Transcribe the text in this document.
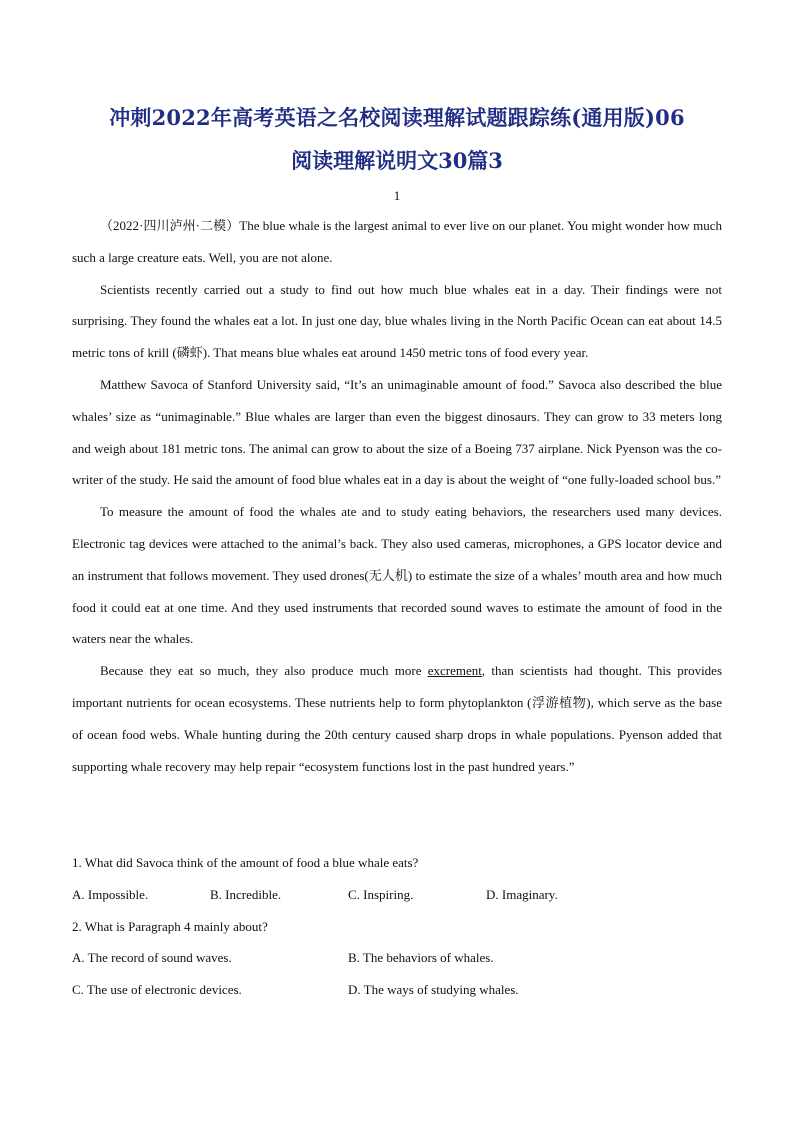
冲刺2022年高考英语之名校阅读理解试题跟踪练(通用版)06
阅读理解说明文30篇3
1

（2022·四川泸州·二模）The blue whale is the largest animal to ever live on our planet. You might wonder how much such a large creature eats. Well, you are not alone.

Scientists recently carried out a study to find out how much blue whales eat in a day. Their findings were not surprising. They found the whales eat a lot. In just one day, blue whales living in the North Pacific Ocean can eat about 14.5 metric tons of krill (磷虾). That means blue whales eat around 1450 metric tons of food every year.

Matthew Savoca of Stanford University said, “It’s an unimaginable amount of food.” Savoca also described the blue whales’ size as “unimaginable.” Blue whales are larger than even the biggest dinosaurs. They can grow to 33 meters long and weigh about 181 metric tons. The animal can grow to about the size of a Boeing 737 airplane. Nick Pyenson was the co-writer of the study. He said the amount of food blue whales eat in a day is about the weight of “one fully-loaded school bus.”

To measure the amount of food the whales ate and to study eating behaviors, the researchers used many devices. Electronic tag devices were attached to the animal’s back. They also used cameras, microphones, a GPS locator device and an instrument that follows movement. They used drones(无人机) to estimate the size of a whales’ mouth area and how much food it could eat at one time. And they used instruments that recorded sound waves to estimate the amount of food in the waters near the whales.

Because they eat so much, they also produce much more excrement, than scientists had thought. This provides important nutrients for ocean ecosystems. These nutrients help to form phytoplankton (浮游植物), which serve as the base of ocean food webs. Whale hunting during the 20th century caused sharp drops in whale populations. Pyenson added that supporting whale recovery may help repair “ecosystem functions lost in the past hundred years.”

1. What did Savoca think of the amount of food a blue whale eats?
A. Impossible.	B. Incredible.	C. Inspiring.	D. Imaginary.
2. What is Paragraph 4 mainly about?
A. The record of sound waves.	B. The behaviors of whales.
C. The use of electronic devices.	D. The ways of studying whales.
